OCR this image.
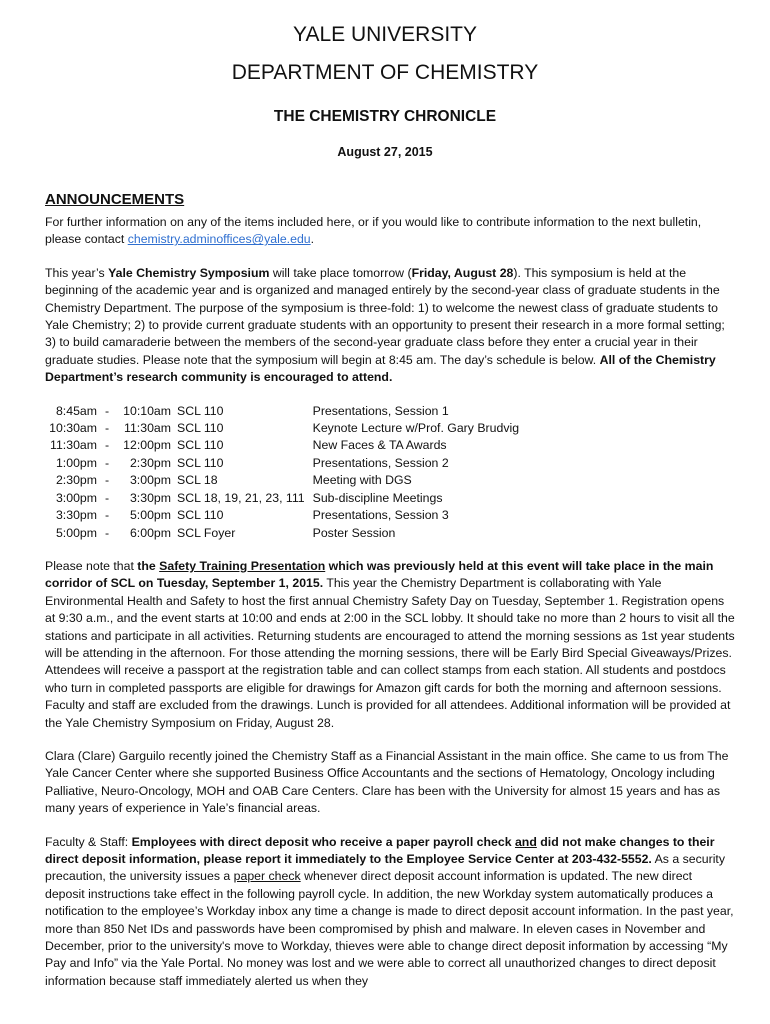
YALE UNIVERSITY
DEPARTMENT OF CHEMISTRY
THE CHEMISTRY CHRONICLE
August 27, 2015
ANNOUNCEMENTS

For further information on any of the items included here, or if you would like to contribute information to the next bulletin, please contact chemistry.adminoffices@yale.edu.

This year’s Yale Chemistry Symposium will take place tomorrow (Friday, August 28). This symposium is held at the beginning of the academic year and is organized and managed entirely by the second-year class of graduate students in the Chemistry Department. The purpose of the symposium is three-fold: 1) to welcome the newest class of graduate students to Yale Chemistry; 2) to provide current graduate students with an opportunity to present their research in a more formal setting; 3) to build camaraderie between the members of the second-year graduate class before they enter a crucial year in their graduate studies. Please note that the symposium will begin at 8:45 am. The day’s schedule is below. All of the Chemistry Department’s research community is encouraged to attend.

8:45am	-	10:10am	SCL 110	Presentations, Session 1
10:30am	-	11:30am	SCL 110	Keynote Lecture w/Prof. Gary Brudvig
11:30am	-	12:00pm	SCL 110	New Faces & TA Awards
1:00pm	-	2:30pm	SCL 110	Presentations, Session 2
2:30pm	-	3:00pm	SCL 18	Meeting with DGS
3:00pm	-	3:30pm	SCL 18, 19, 21, 23, 111	Sub-discipline Meetings
3:30pm	-	5:00pm	SCL 110	Presentations, Session 3
5:00pm	-	6:00pm	SCL Foyer	Poster Session

Please note that the Safety Training Presentation which was previously held at this event will take place in the main corridor of SCL on Tuesday, September 1, 2015. This year the Chemistry Department is collaborating with Yale Environmental Health and Safety to host the first annual Chemistry Safety Day on Tuesday, September 1. Registration opens at 9:30 a.m., and the event starts at 10:00 and ends at 2:00 in the SCL lobby. It should take no more than 2 hours to visit all the stations and participate in all activities. Returning students are encouraged to attend the morning sessions as 1st year students will be attending in the afternoon. For those attending the morning sessions, there will be Early Bird Special Giveaways/Prizes. Attendees will receive a passport at the registration table and can collect stamps from each station. All students and postdocs who turn in completed passports are eligible for drawings for Amazon gift cards for both the morning and afternoon sessions. Faculty and staff are excluded from the drawings. Lunch is provided for all attendees. Additional information will be provided at the Yale Chemistry Symposium on Friday, August 28.

Clara (Clare) Garguilo recently joined the Chemistry Staff as a Financial Assistant in the main office. She came to us from The Yale Cancer Center where she supported Business Office Accountants and the sections of Hematology, Oncology including Palliative, Neuro-Oncology, MOH and OAB Care Centers. Clare has been with the University for almost 15 years and has as many years of experience in Yale’s financial areas.

Faculty & Staff: Employees with direct deposit who receive a paper payroll check and did not make changes to their direct deposit information, please report it immediately to the Employee Service Center at 203-432-5552. As a security precaution, the university issues a paper check whenever direct deposit account information is updated. The new direct deposit instructions take effect in the following payroll cycle. In addition, the new Workday system automatically produces a notification to the employee’s Workday inbox any time a change is made to direct deposit account information. In the past year, more than 850 Net IDs and passwords have been compromised by phish and malware. In eleven cases in November and December, prior to the university's move to Workday, thieves were able to change direct deposit information by accessing “My Pay and Info” via the Yale Portal. No money was lost and we were able to correct all unauthorized changes to direct deposit information because staff immediately alerted us when they
